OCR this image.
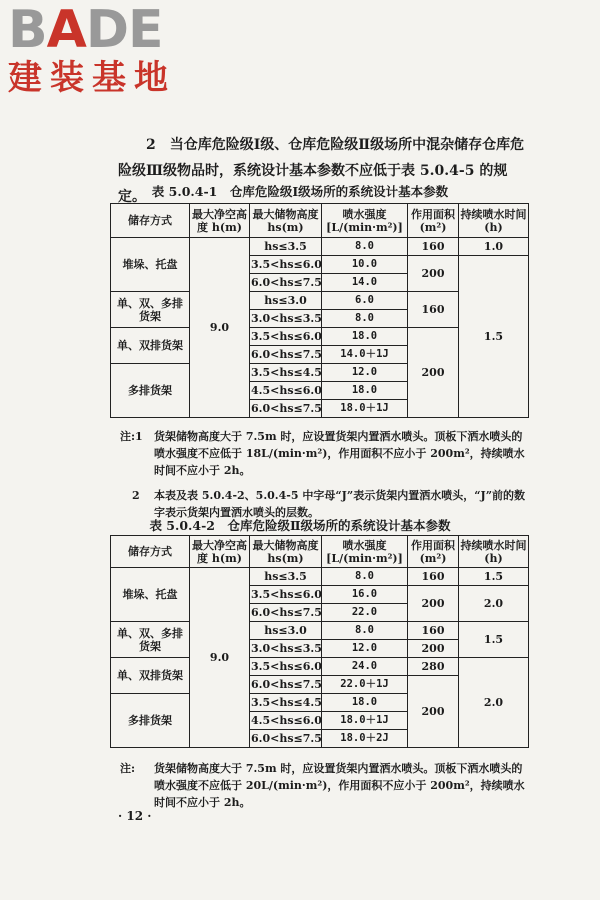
BADE
建装基地
2　当仓库危险级Ⅰ级、仓库危险级Ⅱ级场所中混杂储存仓库危险级Ⅲ级物品时，系统设计基本参数不应低于表 5.0.4-5 的规定。 表 5.0.4-1　仓库危险级Ⅰ级场所的系统设计基本参数
储存方式	最大净空高度 h(m)	最大储物高度 hs(m)	喷水强度 [L/(min·m²)]	作用面积 (m²)	持续喷水时间(h)
堆垛、托盘	9.0	hs≤3.5	8.0	160	1.0
		3.5<hs≤6.0	10.0	200	1.5
		6.0<hs≤7.5	14.0		
单、双、多排货架		hs≤3.0	6.0	160	
		3.0<hs≤3.5	8.0		
单、双排货架		3.5<hs≤6.0	18.0	200	
		6.0<hs≤7.5	14.0＋1J		
多排货架		3.5<hs≤4.5	12.0		
		4.5<hs≤6.0	18.0		
		6.0<hs≤7.5	18.0＋1J		
注:1 货架储物高度大于 7.5m 时，应设置货架内置洒水喷头。顶板下洒水喷头的喷水强度不应低于 18L/(min·m²)，作用面积不应小于 200m²，持续喷水时间不应小于 2h。
2 本表及表 5.0.4-2、5.0.4-5 中字母“J”表示货架内置洒水喷头，“J”前的数字表示货架内置洒水喷头的层数。
表 5.0.4-2　仓库危险级Ⅱ级场所的系统设计基本参数
储存方式	最大净空高度 h(m)	最大储物高度 hs(m)	喷水强度 [L/(min·m²)]	作用面积 (m²)	持续喷水时间(h)
堆垛、托盘	9.0	hs≤3.5	8.0	160	1.5
		3.5<hs≤6.0	16.0	200	2.0
		6.0<hs≤7.5	22.0		
单、双、多排货架		hs≤3.0	8.0	160	1.5
		3.0<hs≤3.5	12.0	200	
单、双排货架		3.5<hs≤6.0	24.0	280	2.0
		6.0<hs≤7.5	22.0＋1J	200	
多排货架		3.5<hs≤4.5	18.0		
		4.5<hs≤6.0	18.0＋1J		
		6.0<hs≤7.5	18.0＋2J		
注: 货架储物高度大于 7.5m 时，应设置货架内置洒水喷头。顶板下洒水喷头的喷水强度不应低于 20L/(min·m²)，作用面积不应小于 200m²，持续喷水时间不应小于 2h。
· 12 ·
